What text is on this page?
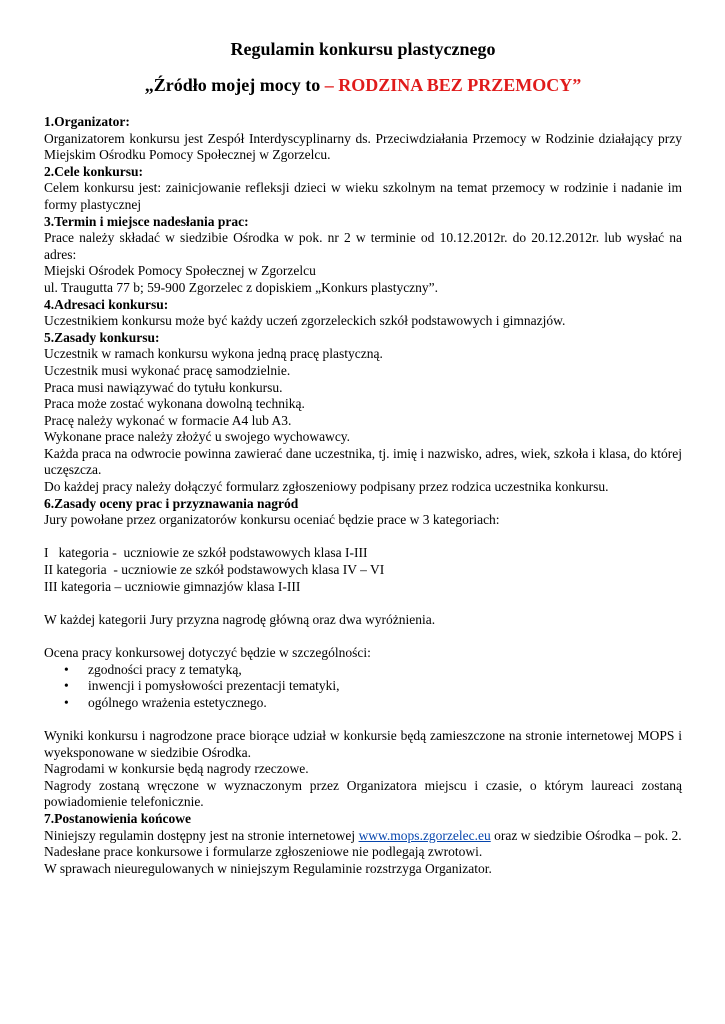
Regulamin konkursu plastycznego

„Źródło mojej mocy to – RODZINA BEZ PRZEMOCY”

1.Organizator:

Organizatorem konkursu jest Zespół Interdyscyplinarny ds. Przeciwdziałania Przemocy w Rodzinie działający przy Miejskim Ośrodku Pomocy Społecznej w Zgorzelcu.

2.Cele konkursu:

Celem konkursu jest: zainicjowanie refleksji dzieci w wieku szkolnym na temat przemocy w rodzinie i nadanie im formy plastycznej

3.Termin i miejsce nadesłania prac:

Prace należy składać w siedzibie Ośrodka w pok. nr 2 w terminie od 10.12.2012r. do 20.12.2012r. lub wysłać na adres:

Miejski Ośrodek Pomocy Społecznej w Zgorzelcu

ul. Traugutta 77 b; 59-900 Zgorzelec z dopiskiem „Konkurs plastyczny”.

4.Adresaci konkursu:

Uczestnikiem konkursu może być każdy uczeń zgorzeleckich szkół podstawowych i gimnazjów.

5.Zasady konkursu:

Uczestnik w ramach konkursu wykona jedną pracę plastyczną.

Uczestnik musi wykonać pracę samodzielnie.

Praca musi nawiązywać do tytułu konkursu.

Praca może zostać wykonana dowolną techniką.

Pracę należy wykonać w formacie A4 lub A3.

Wykonane prace należy złożyć u swojego wychowawcy.

Każda praca na odwrocie powinna zawierać dane uczestnika, tj. imię i nazwisko, adres, wiek, szkoła i klasa, do której uczęszcza.

Do każdej pracy należy dołączyć formularz zgłoszeniowy podpisany przez rodzica uczestnika konkursu.

6.Zasady oceny prac i przyznawania nagród

Jury powołane przez organizatorów konkursu oceniać będzie prace w 3 kategoriach:

I   kategoria -  uczniowie ze szkół podstawowych klasa I-III

II kategoria  - uczniowie ze szkół podstawowych klasa IV – VI

III kategoria – uczniowie gimnazjów klasa I-III

W każdej kategorii Jury przyzna nagrodę główną oraz dwa wyróżnienia.

Ocena pracy konkursowej dotyczyć będzie w szczególności:

• zgodności pracy z tematyką,
• inwencji i pomysłowości prezentacji tematyki,
• ogólnego wrażenia estetycznego.

Wyniki konkursu i nagrodzone prace biorące udział w konkursie będą zamieszczone na stronie internetowej MOPS i wyeksponowane w siedzibie Ośrodka.

Nagrodami w konkursie będą nagrody rzeczowe.

Nagrody zostaną wręczone w wyznaczonym przez Organizatora miejscu i czasie, o którym laureaci zostaną powiadomienie telefonicznie.

7.Postanowienia końcowe

Niniejszy regulamin dostępny jest na stronie internetowej www.mops.zgorzelec.eu oraz w siedzibie Ośrodka – pok. 2.

Nadesłane prace konkursowe i formularze zgłoszeniowe nie podlegają zwrotowi.

W sprawach nieuregulowanych w niniejszym Regulaminie rozstrzyga Organizator.
